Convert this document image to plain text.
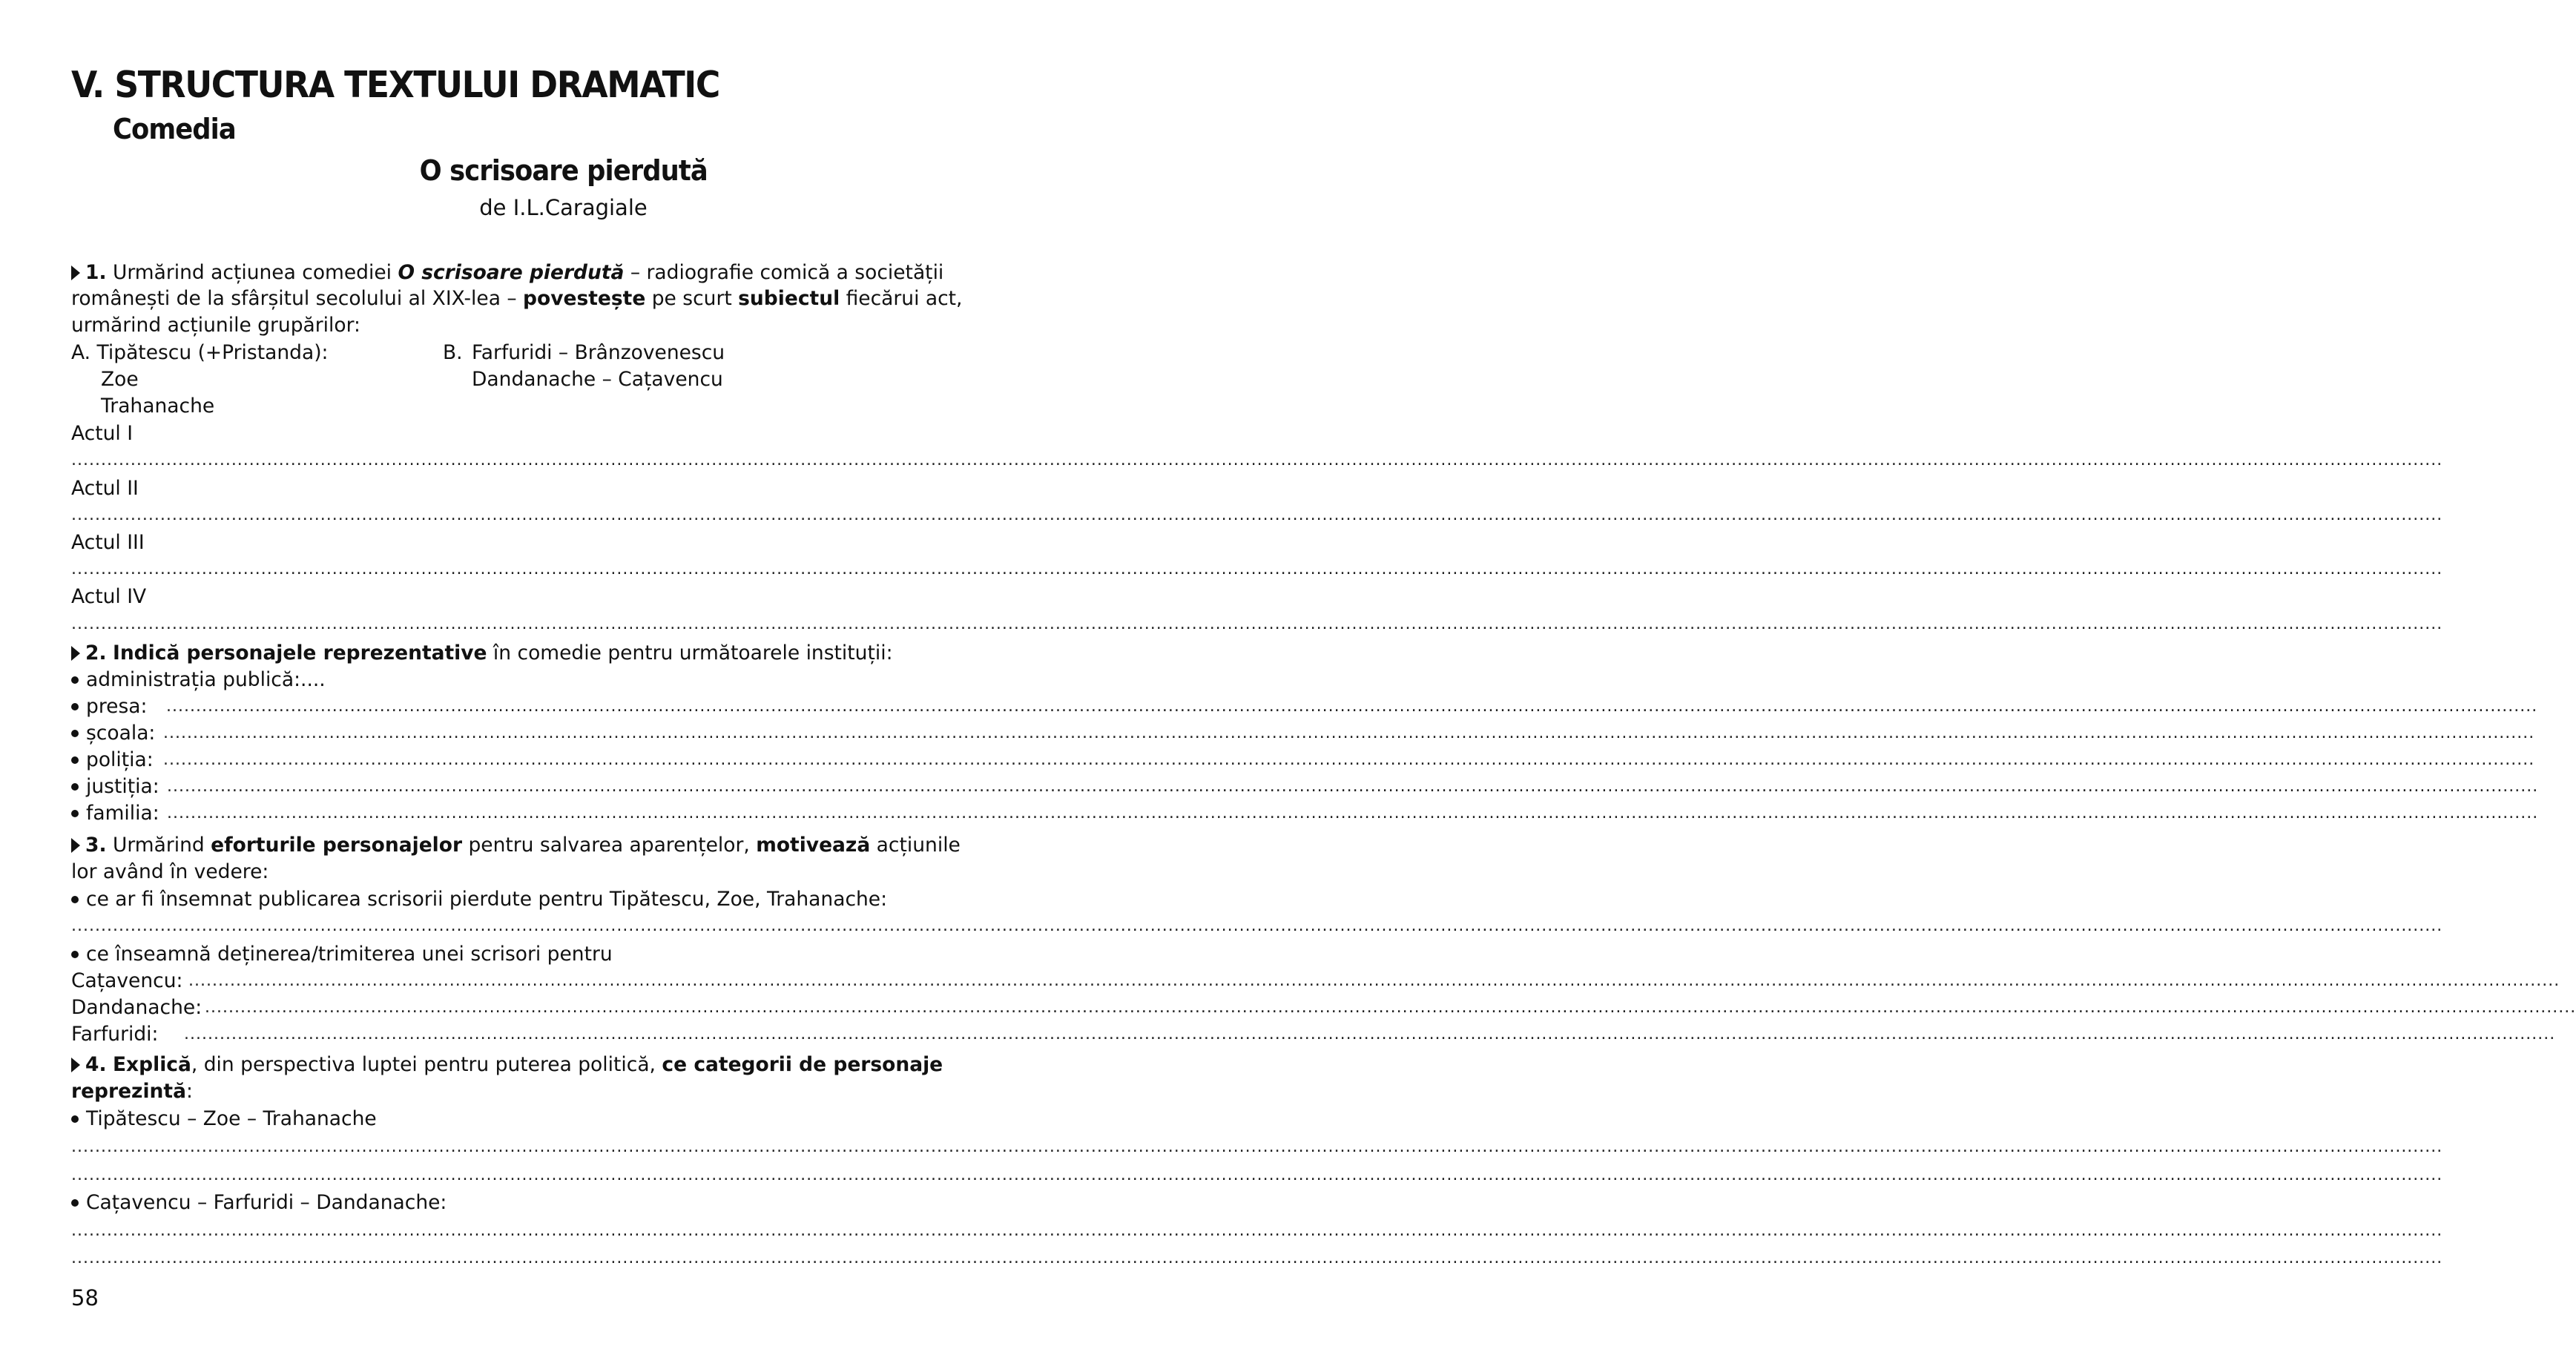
V. STRUCTURA TEXTULUI DRAMATIC
Comedia
O scrisoare pierdută
de I.L.Caragiale
1. Urmărind acțiunea comediei O scrisoare pierdută – radiografie comică a societății
românești de la sfârșitul secolului al XIX-lea – povestește pe scurt subiectul fiecărui act,
urmărind acțiunile grupărilor:
A. Tipătescu (+Pristanda):	B. Farfuridi – Brânzovenescu
Zoe	Dandanache – Cațavencu
Trahanache
Actul I
................................................................................................................................................................................................................................................................................................................................................................................................................
Actul II
................................................................................................................................................................................................................................................................................................................................................................................................................
Actul III
................................................................................................................................................................................................................................................................................................................................................................................................................
Actul IV
................................................................................................................................................................................................................................................................................................................................................................................................................
2. Indică personajele reprezentative în comedie pentru următoarele instituții:
administrația publică:....
presa: ................................................................................................................................................................................................................................................................................................................................................................................................................
școala: ................................................................................................................................................................................................................................................................................................................................................................................................................
poliția: ................................................................................................................................................................................................................................................................................................................................................................................................................
justiția: ................................................................................................................................................................................................................................................................................................................................................................................................................
familia: ................................................................................................................................................................................................................................................................................................................................................................................................................
3. Urmărind eforturile personajelor pentru salvarea aparențelor, motivează acțiunile
lor având în vedere:
ce ar fi însemnat publicarea scrisorii pierdute pentru Tipătescu, Zoe, Trahanache:
................................................................................................................................................................................................................................................................................................................................................................................................................
ce înseamnă deținerea/trimiterea unei scrisori pentru
Cațavencu: ................................................................................................................................................................................................................................................................................................................................................................................................................
Dandanache: ................................................................................................................................................................................................................................................................................................................................................................................................................
Farfuridi: ................................................................................................................................................................................................................................................................................................................................................................................................................
4. Explică, din perspectiva luptei pentru puterea politică, ce categorii de personaje
reprezintă:
Tipătescu – Zoe – Trahanache
................................................................................................................................................................................................................................................................................................................................................................................................................
................................................................................................................................................................................................................................................................................................................................................................................................................
Cațavencu – Farfuridi – Dandanache:
................................................................................................................................................................................................................................................................................................................................................................................................................
................................................................................................................................................................................................................................................................................................................................................................................................................
58
